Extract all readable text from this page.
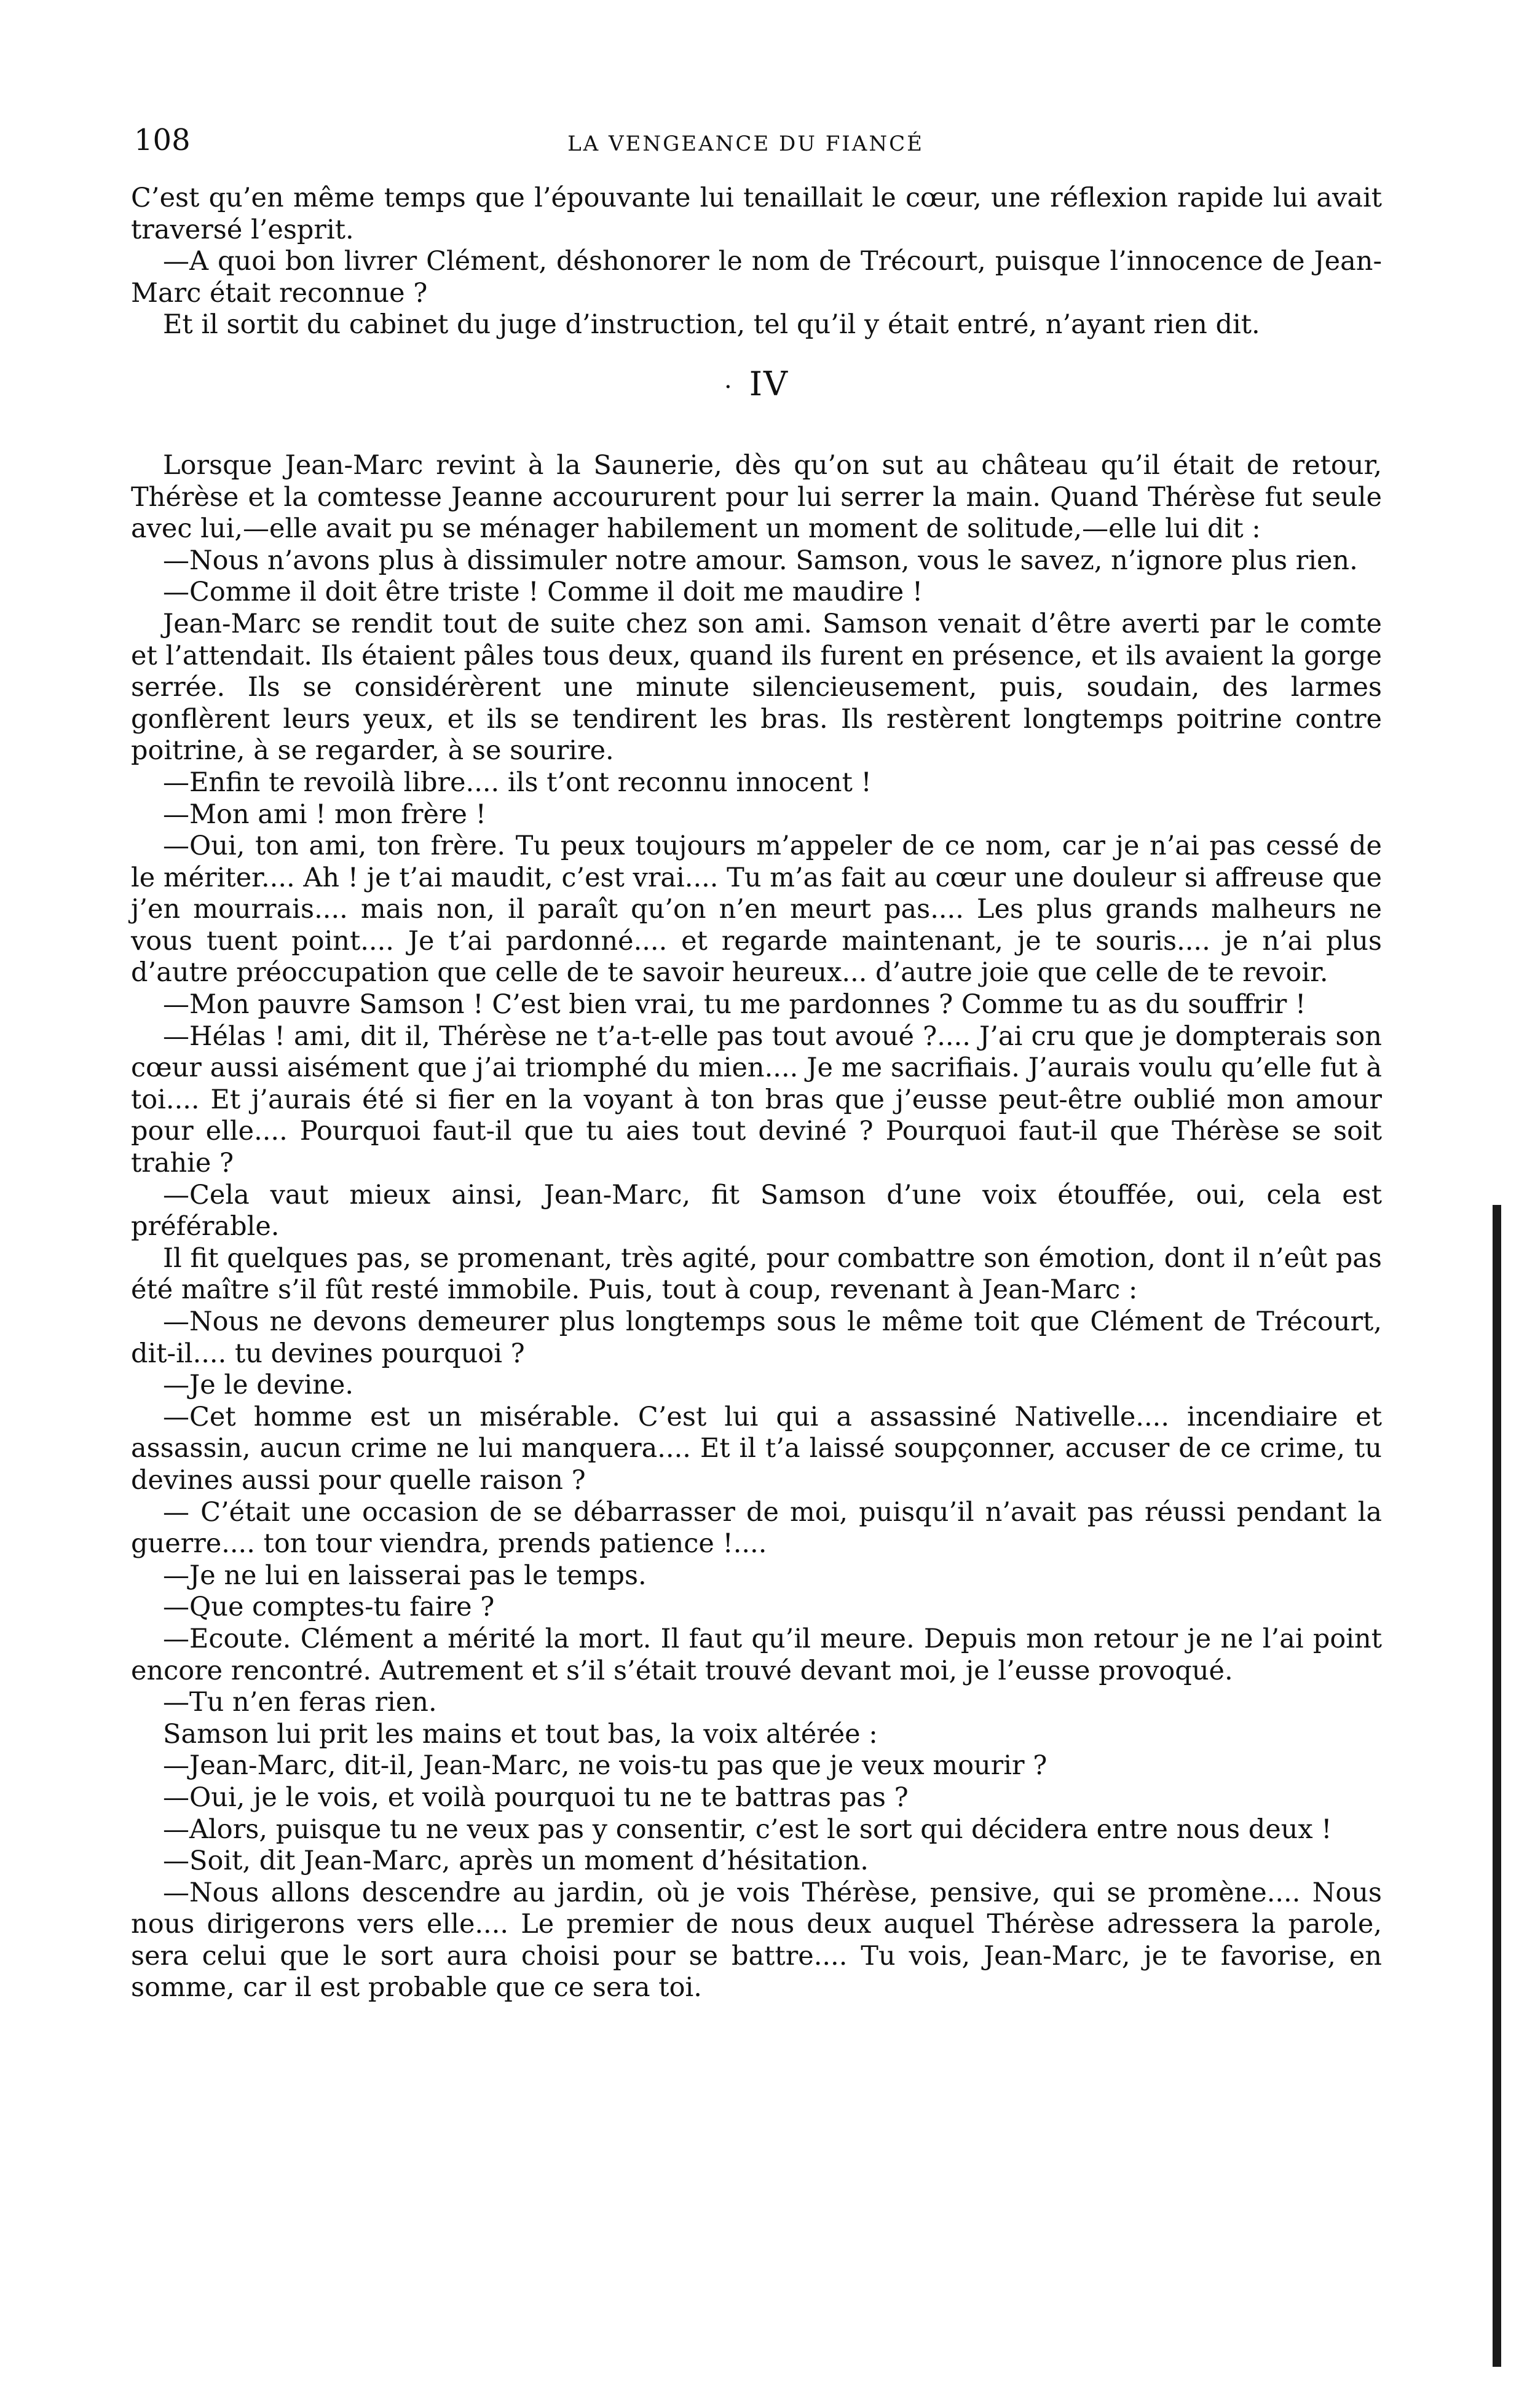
108	LA VENGEANCE DU FIANCÉ

C’est qu’en même temps que l’épouvante lui tenaillait le cœur, une réflexion rapide lui avait traversé l’esprit.

—A quoi bon livrer Clément, déshonorer le nom de Trécourt, puisque l’innocence de Jean-Marc était reconnue ?

Et il sortit du cabinet du juge d’instruction, tel qu’il y était entré, n’ayant rien dit.

· IV

Lorsque Jean-Marc revint à la Saunerie, dès qu’on sut au château qu’il était de retour, Thérèse et la comtesse Jeanne accoururent pour lui serrer la main. Quand Thérèse fut seule avec lui,—elle avait pu se ménager habilement un moment de solitude,—elle lui dit :

—Nous n’avons plus à dissimuler notre amour. Samson, vous le savez, n’ignore plus rien.

—Comme il doit être triste ! Comme il doit me maudire !

Jean-Marc se rendit tout de suite chez son ami. Samson venait d’être averti par le comte et l’attendait. Ils étaient pâles tous deux, quand ils furent en présence, et ils avaient la gorge serrée. Ils se considérèrent une minute silencieusement, puis, soudain, des larmes gonflèrent leurs yeux, et ils se tendirent les bras. Ils restèrent longtemps poitrine contre poitrine, à se regarder, à se sourire.

—Enfin te revoilà libre.... ils t’ont reconnu innocent !

—Mon ami ! mon frère !

—Oui, ton ami, ton frère. Tu peux toujours m’appeler de ce nom, car je n’ai pas cessé de le mériter.... Ah ! je t’ai maudit, c’est vrai.... Tu m’as fait au cœur une douleur si affreuse que j’en mourrais.... mais non, il paraît qu’on n’en meurt pas.... Les plus grands malheurs ne vous tuent point.... Je t’ai pardonné.... et regarde maintenant, je te souris.... je n’ai plus d’autre préoccupation que celle de te savoir heureux... d’autre joie que celle de te revoir.

—Mon pauvre Samson ! C’est bien vrai, tu me pardonnes ? Comme tu as du souffrir !

—Hélas ! ami, dit il, Thérèse ne t’a-t-elle pas tout avoué ?.... J’ai cru que je dompterais son cœur aussi aisément que j’ai triomphé du mien.... Je me sacrifiais. J’aurais voulu qu’elle fut à toi.... Et j’aurais été si fier en la voyant à ton bras que j’eusse peut-être oublié mon amour pour elle.... Pourquoi faut-il que tu aies tout deviné ? Pourquoi faut-il que Thérèse se soit trahie ?

—Cela vaut mieux ainsi, Jean-Marc, fit Samson d’une voix étouffée, oui, cela est préférable.

Il fit quelques pas, se promenant, très agité, pour combattre son émotion, dont il n’eût pas été maître s’il fût resté immobile. Puis, tout à coup, revenant à Jean-Marc :

—Nous ne devons demeurer plus longtemps sous le même toit que Clément de Trécourt, dit-il.... tu devines pourquoi ?

—Je le devine.

—Cet homme est un misérable. C’est lui qui a assassiné Nativelle.... incendiaire et assassin, aucun crime ne lui manquera.... Et il t’a laissé soupçonner, accuser de ce crime, tu devines aussi pour quelle raison ?

— C’était une occasion de se débarrasser de moi, puisqu’il n’avait pas réussi pendant la guerre.... ton tour viendra, prends patience !....

—Je ne lui en laisserai pas le temps.

—Que comptes-tu faire ?

—Ecoute. Clément a mérité la mort. Il faut qu’il meure. Depuis mon retour je ne l’ai point encore rencontré. Autrement et s’il s’était trouvé devant moi, je l’eusse provoqué.

—Tu n’en feras rien.

Samson lui prit les mains et tout bas, la voix altérée :

—Jean-Marc, dit-il, Jean-Marc, ne vois-tu pas que je veux mourir ?

—Oui, je le vois, et voilà pourquoi tu ne te battras pas ?

—Alors, puisque tu ne veux pas y consentir, c’est le sort qui décidera entre nous deux !

—Soit, dit Jean-Marc, après un moment d’hésitation.

—Nous allons descendre au jardin, où je vois Thérèse, pensive, qui se promène.... Nous nous dirigerons vers elle.... Le premier de nous deux auquel Thérèse adressera la parole, sera celui que le sort aura choisi pour se battre.... Tu vois, Jean-Marc, je te favorise, en somme, car il est probable que ce sera toi.
